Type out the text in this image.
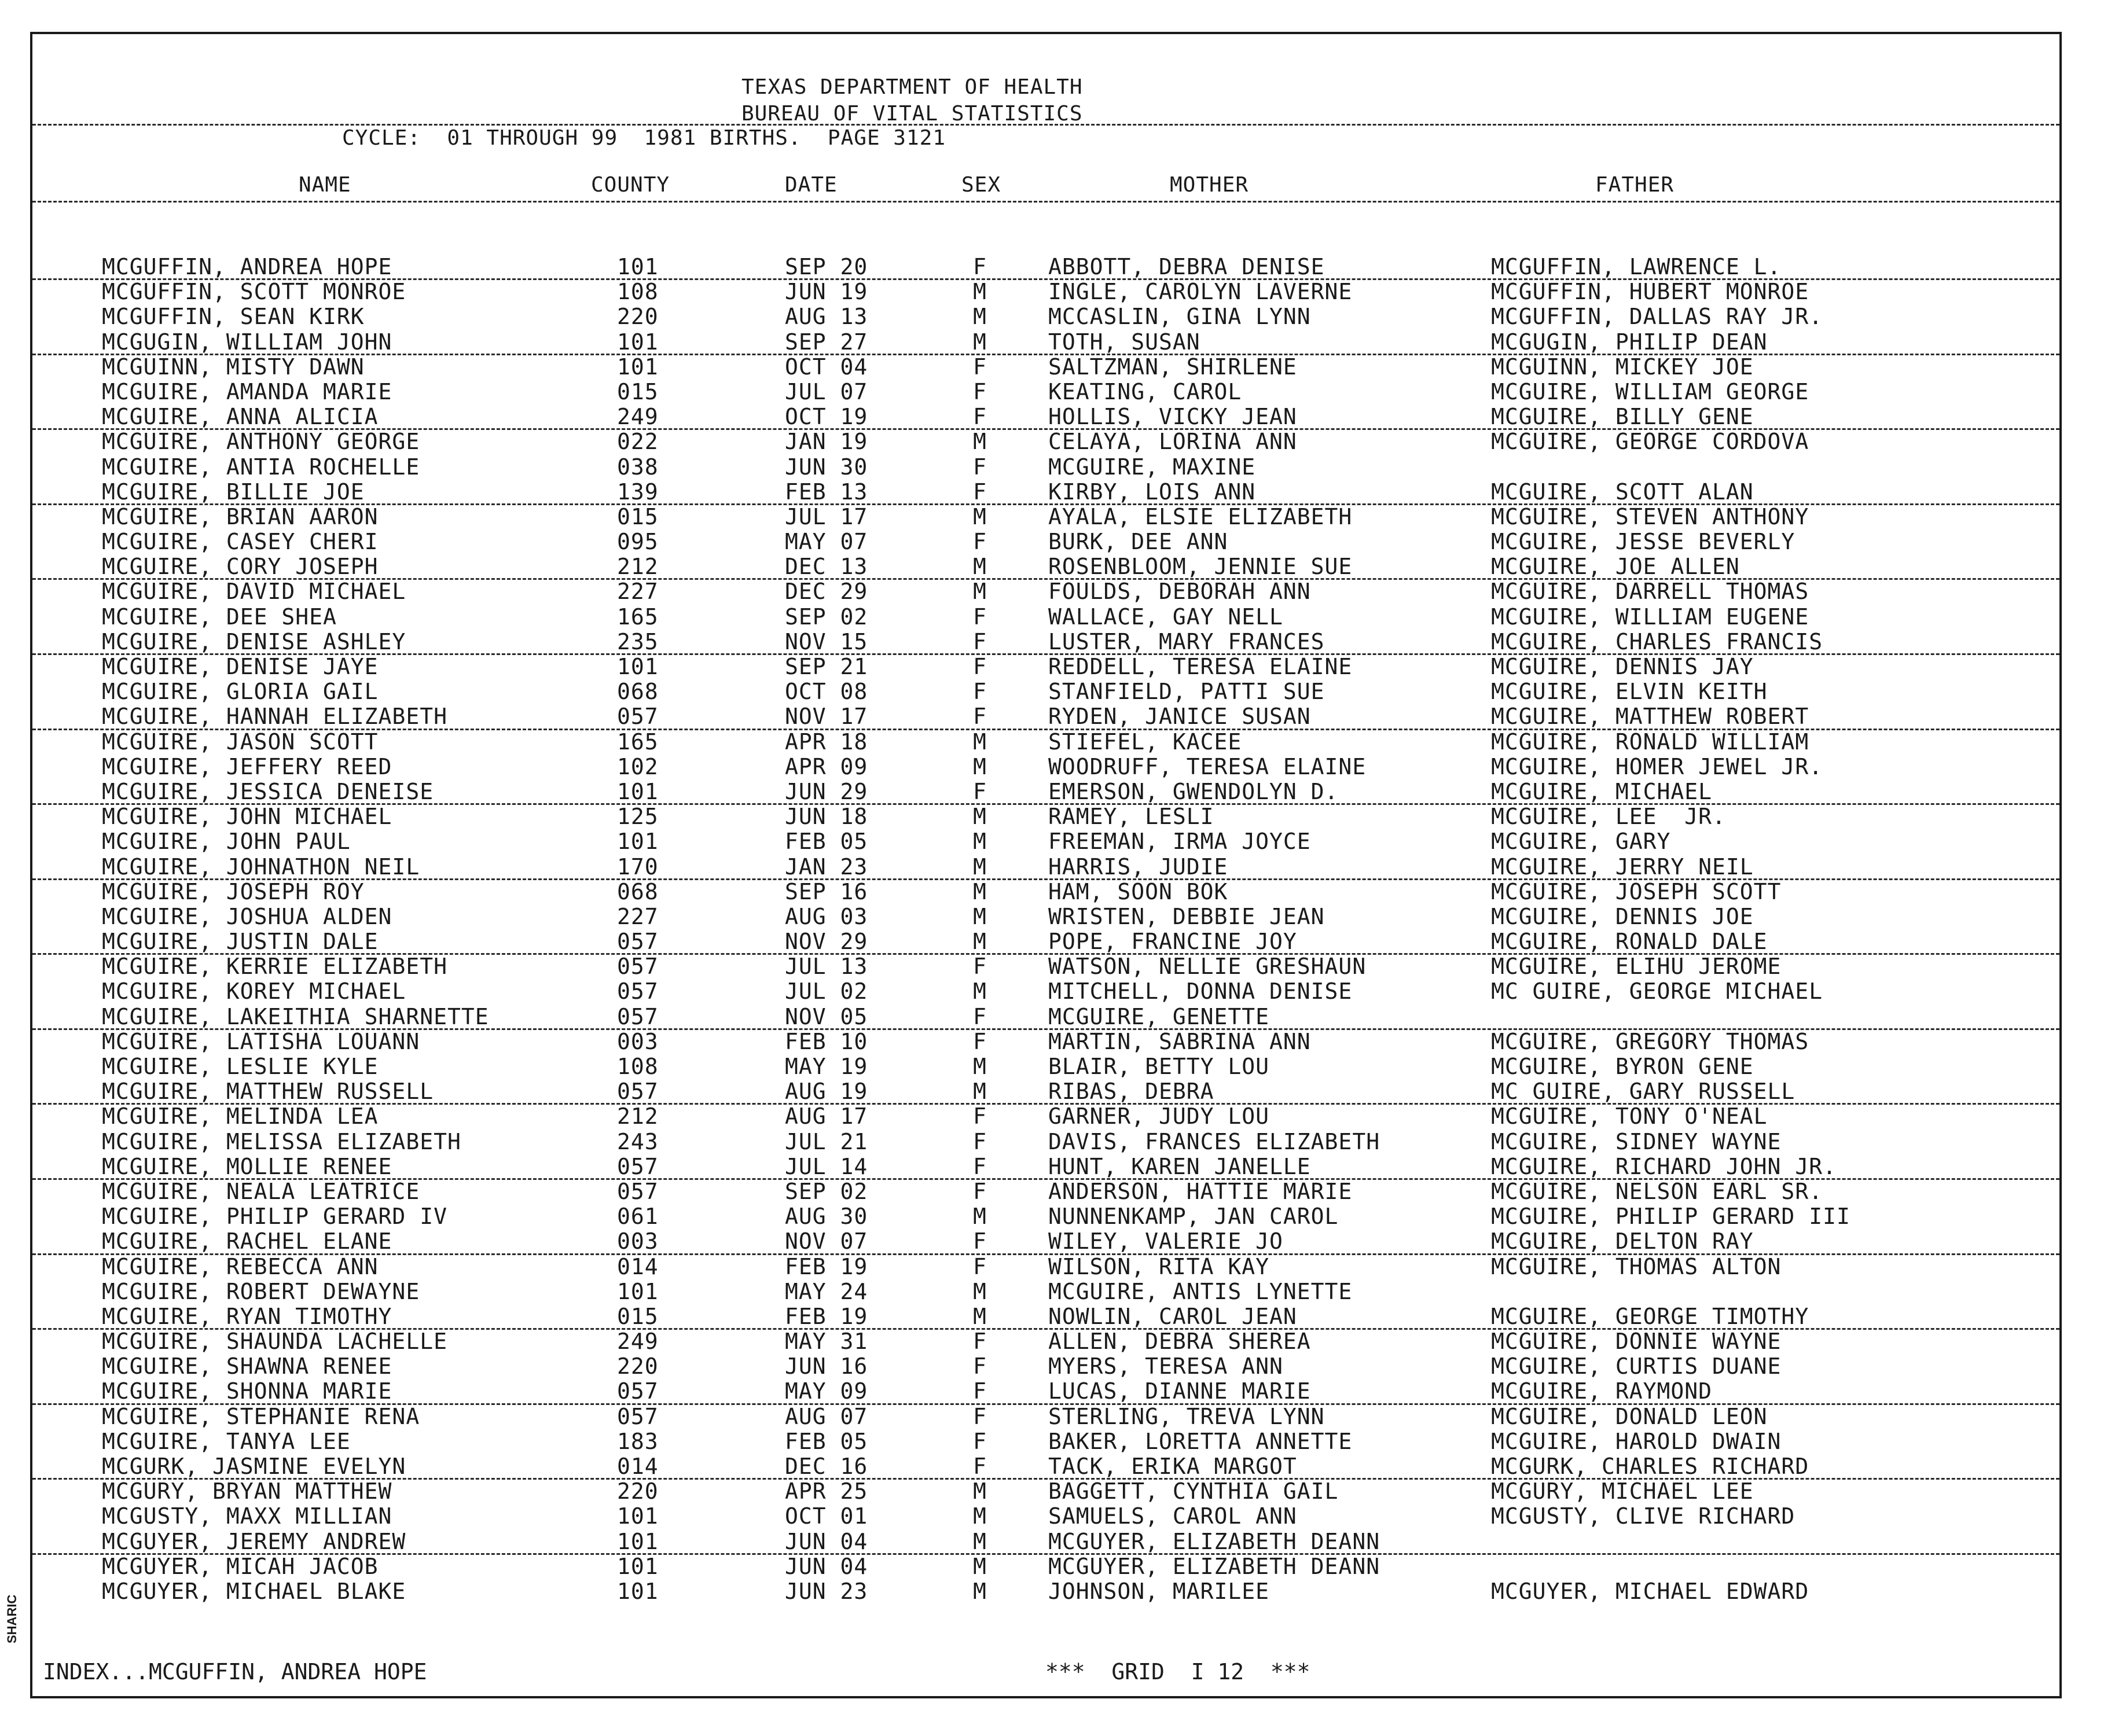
TEXAS DEPARTMENT OF HEALTH
BUREAU OF VITAL STATISTICS
CYCLE:  01 THROUGH 99  1981 BIRTHS.  PAGE 3121
NAME	COUNTY	DATE	SEX	MOTHER	FATHER
MCGUFFIN, ANDREA HOPE	101	SEP 20	F	ABBOTT, DEBRA DENISE	MCGUFFIN, LAWRENCE L.
MCGUFFIN, SCOTT MONROE	108	JUN 19	M	INGLE, CAROLYN LAVERNE	MCGUFFIN, HUBERT MONROE
MCGUFFIN, SEAN KIRK	220	AUG 13	M	MCCASLIN, GINA LYNN	MCGUFFIN, DALLAS RAY JR.
MCGUGIN, WILLIAM JOHN	101	SEP 27	M	TOTH, SUSAN	MCGUGIN, PHILIP DEAN
MCGUINN, MISTY DAWN	101	OCT 04	F	SALTZMAN, SHIRLENE	MCGUINN, MICKEY JOE
MCGUIRE, AMANDA MARIE	015	JUL 07	F	KEATING, CAROL	MCGUIRE, WILLIAM GEORGE
MCGUIRE, ANNA ALICIA	249	OCT 19	F	HOLLIS, VICKY JEAN	MCGUIRE, BILLY GENE
MCGUIRE, ANTHONY GEORGE	022	JAN 19	M	CELAYA, LORINA ANN	MCGUIRE, GEORGE CORDOVA
MCGUIRE, ANTIA ROCHELLE	038	JUN 30	F	MCGUIRE, MAXINE
MCGUIRE, BILLIE JOE	139	FEB 13	F	KIRBY, LOIS ANN	MCGUIRE, SCOTT ALAN
MCGUIRE, BRIAN AARON	015	JUL 17	M	AYALA, ELSIE ELIZABETH	MCGUIRE, STEVEN ANTHONY
MCGUIRE, CASEY CHERI	095	MAY 07	F	BURK, DEE ANN	MCGUIRE, JESSE BEVERLY
MCGUIRE, CORY JOSEPH	212	DEC 13	M	ROSENBLOOM, JENNIE SUE	MCGUIRE, JOE ALLEN
MCGUIRE, DAVID MICHAEL	227	DEC 29	M	FOULDS, DEBORAH ANN	MCGUIRE, DARRELL THOMAS
MCGUIRE, DEE SHEA	165	SEP 02	F	WALLACE, GAY NELL	MCGUIRE, WILLIAM EUGENE
MCGUIRE, DENISE ASHLEY	235	NOV 15	F	LUSTER, MARY FRANCES	MCGUIRE, CHARLES FRANCIS
MCGUIRE, DENISE JAYE	101	SEP 21	F	REDDELL, TERESA ELAINE	MCGUIRE, DENNIS JAY
MCGUIRE, GLORIA GAIL	068	OCT 08	F	STANFIELD, PATTI SUE	MCGUIRE, ELVIN KEITH
MCGUIRE, HANNAH ELIZABETH	057	NOV 17	F	RYDEN, JANICE SUSAN	MCGUIRE, MATTHEW ROBERT
MCGUIRE, JASON SCOTT	165	APR 18	M	STIEFEL, KACEE	MCGUIRE, RONALD WILLIAM
MCGUIRE, JEFFERY REED	102	APR 09	M	WOODRUFF, TERESA ELAINE	MCGUIRE, HOMER JEWEL JR.
MCGUIRE, JESSICA DENEISE	101	JUN 29	F	EMERSON, GWENDOLYN D.	MCGUIRE, MICHAEL
MCGUIRE, JOHN MICHAEL	125	JUN 18	M	RAMEY, LESLI	MCGUIRE, LEE  JR.
MCGUIRE, JOHN PAUL	101	FEB 05	M	FREEMAN, IRMA JOYCE	MCGUIRE, GARY
MCGUIRE, JOHNATHON NEIL	170	JAN 23	M	HARRIS, JUDIE	MCGUIRE, JERRY NEIL
MCGUIRE, JOSEPH ROY	068	SEP 16	M	HAM, SOON BOK	MCGUIRE, JOSEPH SCOTT
MCGUIRE, JOSHUA ALDEN	227	AUG 03	M	WRISTEN, DEBBIE JEAN	MCGUIRE, DENNIS JOE
MCGUIRE, JUSTIN DALE	057	NOV 29	M	POPE, FRANCINE JOY	MCGUIRE, RONALD DALE
MCGUIRE, KERRIE ELIZABETH	057	JUL 13	F	WATSON, NELLIE GRESHAUN	MCGUIRE, ELIHU JEROME
MCGUIRE, KOREY MICHAEL	057	JUL 02	M	MITCHELL, DONNA DENISE	MC GUIRE, GEORGE MICHAEL
MCGUIRE, LAKEITHIA SHARNETTE	057	NOV 05	F	MCGUIRE, GENETTE
MCGUIRE, LATISHA LOUANN	003	FEB 10	F	MARTIN, SABRINA ANN	MCGUIRE, GREGORY THOMAS
MCGUIRE, LESLIE KYLE	108	MAY 19	M	BLAIR, BETTY LOU	MCGUIRE, BYRON GENE
MCGUIRE, MATTHEW RUSSELL	057	AUG 19	M	RIBAS, DEBRA	MC GUIRE, GARY RUSSELL
MCGUIRE, MELINDA LEA	212	AUG 17	F	GARNER, JUDY LOU	MCGUIRE, TONY O'NEAL
MCGUIRE, MELISSA ELIZABETH	243	JUL 21	F	DAVIS, FRANCES ELIZABETH	MCGUIRE, SIDNEY WAYNE
MCGUIRE, MOLLIE RENEE	057	JUL 14	F	HUNT, KAREN JANELLE	MCGUIRE, RICHARD JOHN JR.
MCGUIRE, NEALA LEATRICE	057	SEP 02	F	ANDERSON, HATTIE MARIE	MCGUIRE, NELSON EARL SR.
MCGUIRE, PHILIP GERARD IV	061	AUG 30	M	NUNNENKAMP, JAN CAROL	MCGUIRE, PHILIP GERARD III
MCGUIRE, RACHEL ELANE	003	NOV 07	F	WILEY, VALERIE JO	MCGUIRE, DELTON RAY
MCGUIRE, REBECCA ANN	014	FEB 19	F	WILSON, RITA KAY	MCGUIRE, THOMAS ALTON
MCGUIRE, ROBERT DEWAYNE	101	MAY 24	M	MCGUIRE, ANTIS LYNETTE
MCGUIRE, RYAN TIMOTHY	015	FEB 19	M	NOWLIN, CAROL JEAN	MCGUIRE, GEORGE TIMOTHY
MCGUIRE, SHAUNDA LACHELLE	249	MAY 31	F	ALLEN, DEBRA SHEREA	MCGUIRE, DONNIE WAYNE
MCGUIRE, SHAWNA RENEE	220	JUN 16	F	MYERS, TERESA ANN	MCGUIRE, CURTIS DUANE
MCGUIRE, SHONNA MARIE	057	MAY 09	F	LUCAS, DIANNE MARIE	MCGUIRE, RAYMOND
MCGUIRE, STEPHANIE RENA	057	AUG 07	F	STERLING, TREVA LYNN	MCGUIRE, DONALD LEON
MCGUIRE, TANYA LEE	183	FEB 05	F	BAKER, LORETTA ANNETTE	MCGUIRE, HAROLD DWAIN
MCGURK, JASMINE EVELYN	014	DEC 16	F	TACK, ERIKA MARGOT	MCGURK, CHARLES RICHARD
MCGURY, BRYAN MATTHEW	220	APR 25	M	BAGGETT, CYNTHIA GAIL	MCGURY, MICHAEL LEE
MCGUSTY, MAXX MILLIAN	101	OCT 01	M	SAMUELS, CAROL ANN	MCGUSTY, CLIVE RICHARD
MCGUYER, JEREMY ANDREW	101	JUN 04	M	MCGUYER, ELIZABETH DEANN
MCGUYER, MICAH JACOB	101	JUN 04	M	MCGUYER, ELIZABETH DEANN
MCGUYER, MICHAEL BLAKE	101	JUN 23	M	JOHNSON, MARILEE	MCGUYER, MICHAEL EDWARD
INDEX...MCGUFFIN, ANDREA HOPE	***  GRID  I 12  ***
SHARIC
